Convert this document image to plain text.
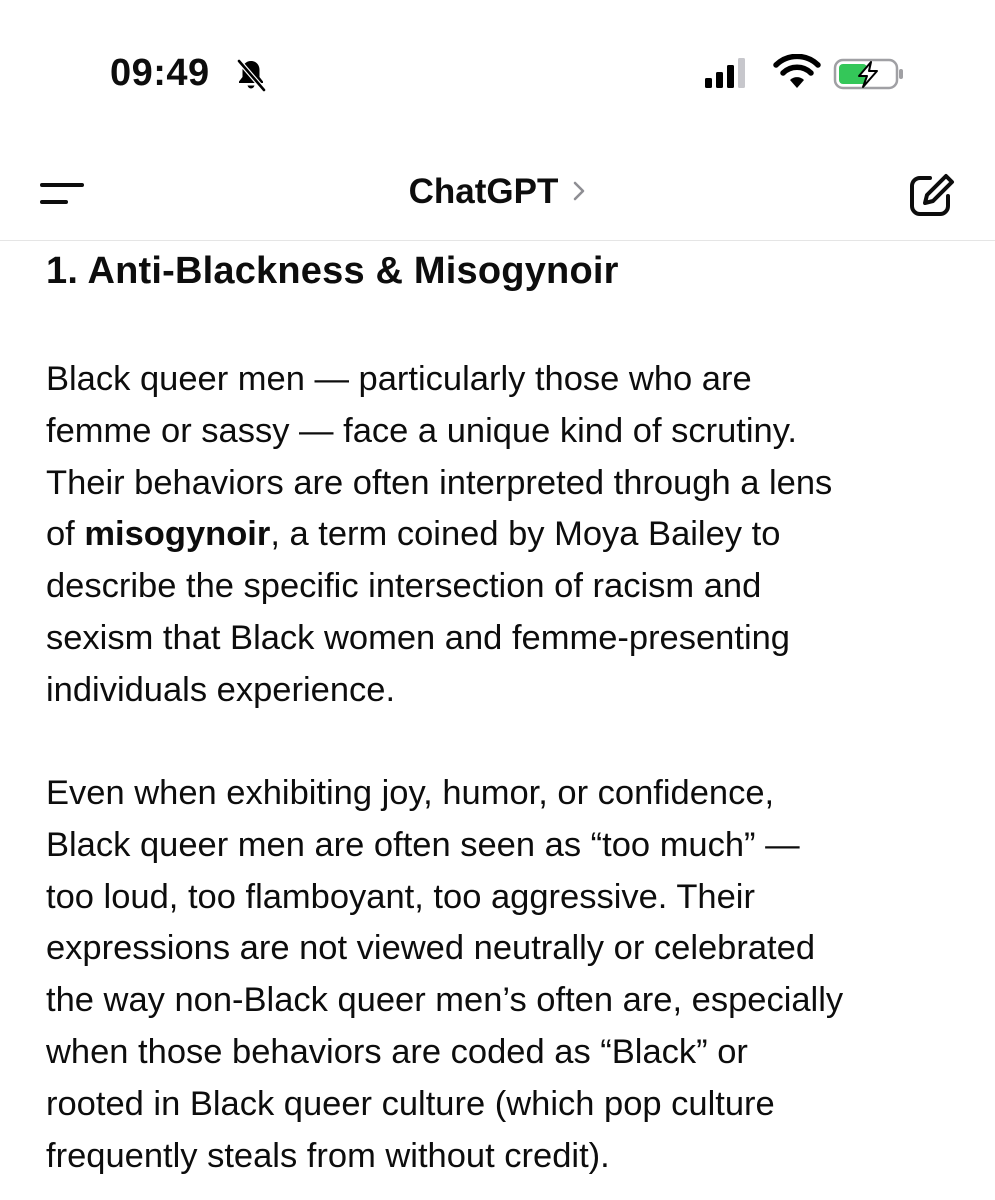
09:49
ChatGPT
1. Anti-Blackness & Misogynoir

Black queer men — particularly those who are
femme or sassy — face a unique kind of scrutiny.
Their behaviors are often interpreted through a lens
of misogynoir, a term coined by Moya Bailey to
describe the specific intersection of racism and
sexism that Black women and femme-presenting
individuals experience.

Even when exhibiting joy, humor, or confidence,
Black queer men are often seen as “too much” —
too loud, too flamboyant, too aggressive. Their
expressions are not viewed neutrally or celebrated
the way non-Black queer men’s often are, especially
when those behaviors are coded as “Black” or
rooted in Black queer culture (which pop culture
frequently steals from without credit).
